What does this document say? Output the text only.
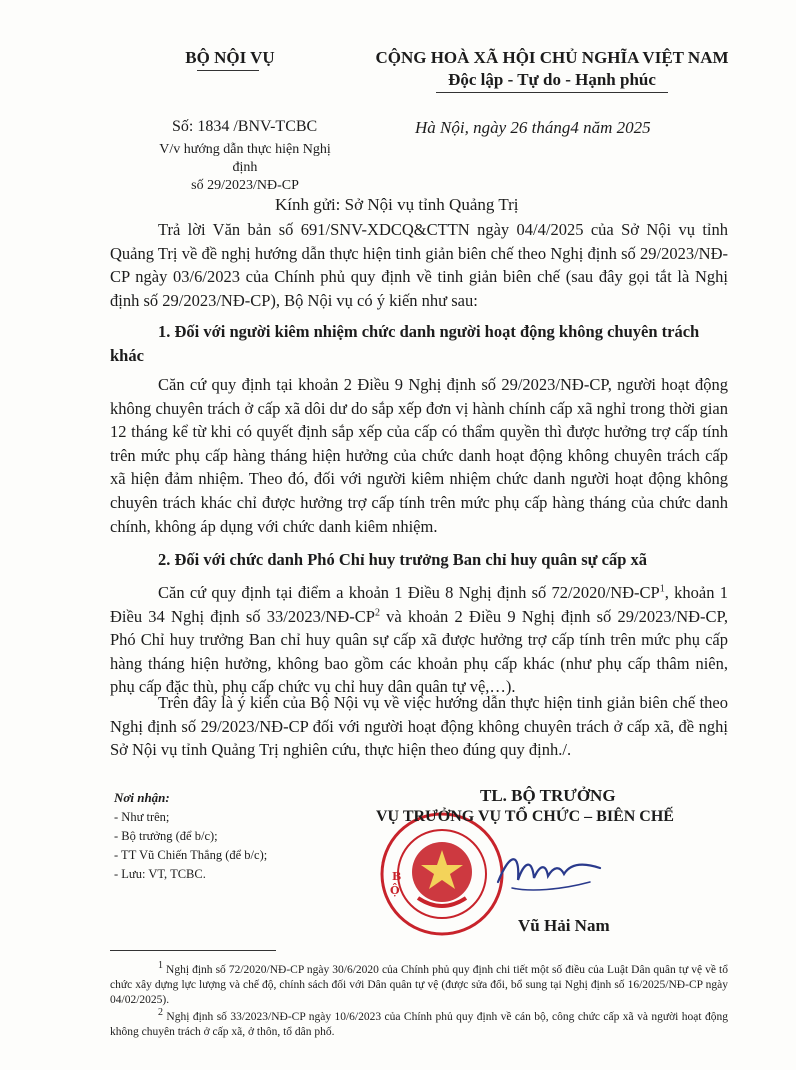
BỘ NỘI VỤ	CỘNG HOÀ XÃ HỘI CHỦ NGHĨA VIỆT NAM
Độc lập - Tự do - Hạnh phúc
Số: 1834 /BNV-TCBC
V/v hướng dẫn thực hiện Nghị định
số 29/2023/NĐ-CP
Hà Nội, ngày 26 tháng4 năm 2025
Kính gửi: Sở Nội vụ tỉnh Quảng Trị
Trả lời Văn bản số 691/SNV-XDCQ&CTTN ngày 04/4/2025 của Sở Nội vụ tỉnh Quảng Trị về đề nghị hướng dẫn thực hiện tinh giản biên chế theo Nghị định số 29/2023/NĐ-CP ngày 03/6/2023 của Chính phủ quy định về tinh giản biên chế (sau đây gọi tắt là Nghị định số 29/2023/NĐ-CP), Bộ Nội vụ có ý kiến như sau:
1. Đối với người kiêm nhiệm chức danh người hoạt động không chuyên trách khác
Căn cứ quy định tại khoản 2 Điều 9 Nghị định số 29/2023/NĐ-CP, người hoạt động không chuyên trách ở cấp xã dôi dư do sắp xếp đơn vị hành chính cấp xã nghỉ trong thời gian 12 tháng kể từ khi có quyết định sắp xếp của cấp có thẩm quyền thì được hưởng trợ cấp tính trên mức phụ cấp hàng tháng hiện hưởng của chức danh hoạt động không chuyên trách cấp xã hiện đảm nhiệm. Theo đó, đối với người kiêm nhiệm chức danh người hoạt động không chuyên trách khác chỉ được hưởng trợ cấp tính trên mức phụ cấp hàng tháng của chức danh chính, không áp dụng với chức danh kiêm nhiệm.
2. Đối với chức danh Phó Chỉ huy trưởng Ban chỉ huy quân sự cấp xã
Căn cứ quy định tại điểm a khoản 1 Điều 8 Nghị định số $72/2020/NĐ-CP^1$, khoản 1 Điều 34 Nghị định số $33/2023/NĐ-CP^2$ và khoản 2 Điều 9 Nghị định số 29/2023/NĐ-CP, Phó Chỉ huy trưởng Ban chỉ huy quân sự cấp xã được hưởng trợ cấp tính trên mức phụ cấp hàng tháng hiện hưởng, không bao gồm các khoản phụ cấp khác (như phụ cấp thâm niên, phụ cấp đặc thù, phụ cấp chức vụ chỉ huy dân quân tự vệ,…).
Trên đây là ý kiến của Bộ Nội vụ về việc hướng dẫn thực hiện tinh giản biên chế theo Nghị định số 29/2023/NĐ-CP đối với người hoạt động không chuyên trách ở cấp xã, đề nghị Sở Nội vụ tỉnh Quảng Trị nghiên cứu, thực hiện theo đúng quy định./.
Nơi nhận:
- Như trên;
- Bộ trưởng (để b/c);
- TT Vũ Chiến Thắng (để b/c);
- Lưu: VT, TCBC.	B
Ộ
TL. BỘ TRƯỞNG
VỤ TRƯỞNG VỤ TỔ CHỨC – BIÊN CHẾ
Vũ Hải Nam
$^1$ Nghị định số 72/2020/NĐ-CP ngày 30/6/2020 của Chính phủ quy định chi tiết một số điều của Luật Dân quân tự vệ về tổ chức xây dựng lực lượng và chế độ, chính sách đối với Dân quân tự vệ (được sửa đổi, bổ sung tại Nghị định số 16/2025/NĐ-CP ngày 04/02/2025).
$^2$ Nghị định số 33/2023/NĐ-CP ngày 10/6/2023 của Chính phủ quy định về cán bộ, công chức cấp xã và người hoạt động không chuyên trách ở cấp xã, ở thôn, tổ dân phố.
